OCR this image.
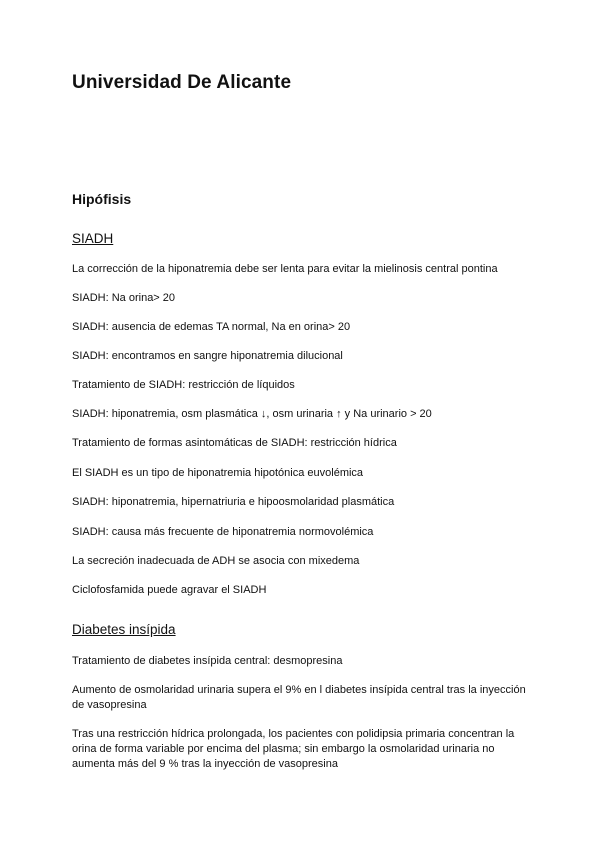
Universidad De Alicante
Hipófisis

SIADH

La corrección de la hiponatremia debe ser lenta para evitar la mielinosis central pontina

SIADH: Na orina> 20

SIADH: ausencia de edemas TA normal, Na en orina> 20

SIADH: encontramos en sangre hiponatremia dilucional

Tratamiento de SIADH: restricción de líquidos

SIADH: hiponatremia, osm plasmática ↓, osm urinaria ↑ y Na urinario > 20

Tratamiento de formas asintomáticas de SIADH: restricción hídrica

El SIADH es un tipo de hiponatremia hipotónica euvolémica

SIADH: hiponatremia, hipernatriuria e hipoosmolaridad plasmática

SIADH: causa más frecuente de hiponatremia normovolémica

La secreción inadecuada de ADH se asocia con mixedema

Ciclofosfamida puede agravar el SIADH

Diabetes insípida

Tratamiento de diabetes insípida central: desmopresina

Aumento de osmolaridad urinaria supera el 9% en l diabetes insípida central tras la inyección de vasopresina

Tras una restricción hídrica prolongada, los pacientes con polidipsia primaria concentran la orina de forma variable por encima del plasma; sin embargo la osmolaridad urinaria no aumenta más del 9 % tras la inyección de vasopresina
